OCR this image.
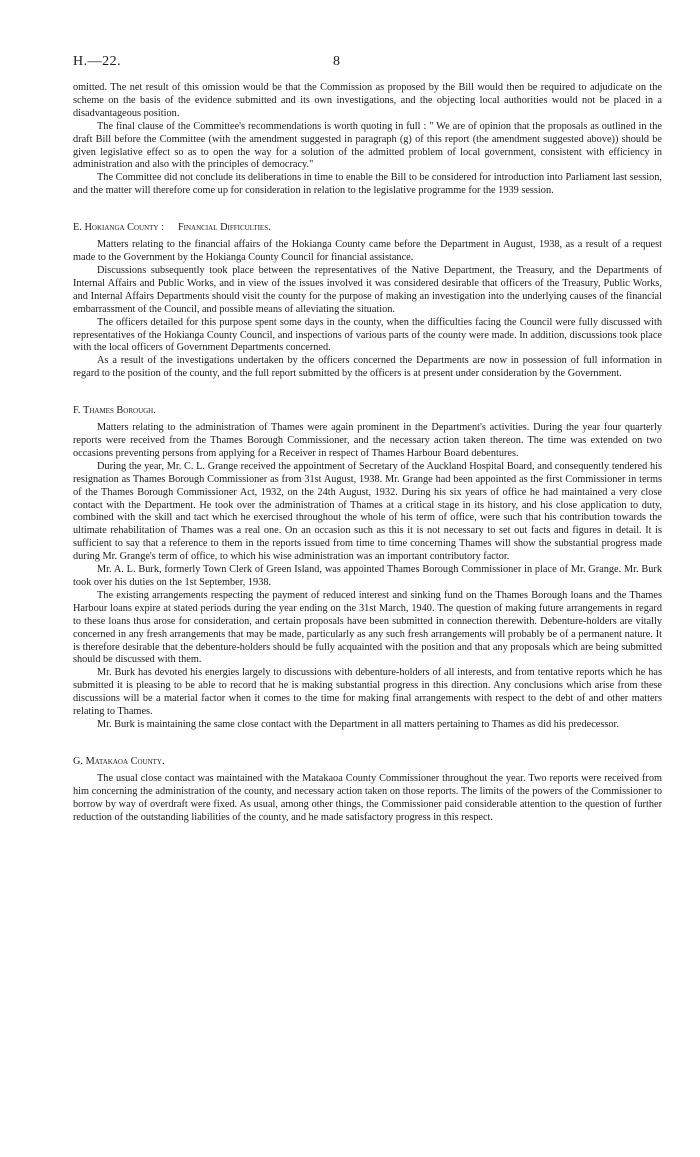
H.—22.	8

omitted. The net result of this omission would be that the Commission as proposed by the Bill would then be required to adjudicate on the scheme on the basis of the evidence submitted and its own investigations, and the objecting local authorities would not be placed in a disadvantageous position.

The final clause of the Committee's recommendations is worth quoting in full : " We are of opinion that the proposals as outlined in the draft Bill before the Committee (with the amendment suggested in paragraph (g) of this report (the amendment suggested above)) should be given legislative effect so as to open the way for a solution of the admitted problem of local government, consistent with efficiency in administration and also with the principles of democracy."

The Committee did not conclude its deliberations in time to enable the Bill to be considered for introduction into Parliament last session, and the matter will therefore come up for consideration in relation to the legislative programme for the 1939 session.

E. Hokianga County : Financial Difficulties.

Matters relating to the financial affairs of the Hokianga County came before the Department in August, 1938, as a result of a request made to the Government by the Hokianga County Council for financial assistance.

Discussions subsequently took place between the representatives of the Native Department, the Treasury, and the Departments of Internal Affairs and Public Works, and in view of the issues involved it was considered desirable that officers of the Treasury, Public Works, and Internal Affairs Departments should visit the county for the purpose of making an investigation into the underlying causes of the financial embarrassment of the Council, and possible means of alleviating the situation.

The officers detailed for this purpose spent some days in the county, when the difficulties facing the Council were fully discussed with representatives of the Hokianga County Council, and inspections of various parts of the county were made. In addition, discussions took place with the local officers of Government Departments concerned.

As a result of the investigations undertaken by the officers concerned the Departments are now in possession of full information in regard to the position of the county, and the full report submitted by the officers is at present under consideration by the Government.

F. Thames Borough.

Matters relating to the administration of Thames were again prominent in the Department's activities. During the year four quarterly reports were received from the Thames Borough Commissioner, and the necessary action taken thereon. The time was extended on two occasions preventing persons from applying for a Receiver in respect of Thames Harbour Board debentures.

During the year, Mr. C. L. Grange received the appointment of Secretary of the Auckland Hospital Board, and consequently tendered his resignation as Thames Borough Commissioner as from 31st August, 1938. Mr. Grange had been appointed as the first Commissioner in terms of the Thames Borough Commissioner Act, 1932, on the 24th August, 1932. During his six years of office he had maintained a very close contact with the Department. He took over the administration of Thames at a critical stage in its history, and his close application to duty, combined with the skill and tact which he exercised throughout the whole of his term of office, were such that his contribution towards the ultimate rehabilitation of Thames was a real one. On an occasion such as this it is not necessary to set out facts and figures in detail. It is sufficient to say that a reference to them in the reports issued from time to time concerning Thames will show the substantial progress made during Mr. Grange's term of office, to which his wise administration was an important contributory factor.

Mr. A. L. Burk, formerly Town Clerk of Green Island, was appointed Thames Borough Commissioner in place of Mr. Grange. Mr. Burk took over his duties on the 1st September, 1938.

The existing arrangements respecting the payment of reduced interest and sinking fund on the Thames Borough loans and the Thames Harbour loans expire at stated periods during the year ending on the 31st March, 1940. The question of making future arrangements in regard to these loans thus arose for consideration, and certain proposals have been submitted in connection therewith. Debenture-holders are vitally concerned in any fresh arrangements that may be made, particularly as any such fresh arrangements will probably be of a permanent nature. It is therefore desirable that the debenture-holders should be fully acquainted with the position and that any proposals which are being submitted should be discussed with them.

Mr. Burk has devoted his energies largely to discussions with debenture-holders of all interests, and from tentative reports which he has submitted it is pleasing to be able to record that he is making substantial progress in this direction. Any conclusions which arise from these discussions will be a material factor when it comes to the time for making final arrangements with respect to the debt of and other matters relating to Thames.

Mr. Burk is maintaining the same close contact with the Department in all matters pertaining to Thames as did his predecessor.

G. Matakaoa County.

The usual close contact was maintained with the Matakaoa County Commissioner throughout the year. Two reports were received from him concerning the administration of the county, and necessary action taken on those reports. The limits of the powers of the Commissioner to borrow by way of overdraft were fixed. As usual, among other things, the Commissioner paid considerable attention to the question of further reduction of the outstanding liabilities of the county, and he made satisfactory progress in this respect.
